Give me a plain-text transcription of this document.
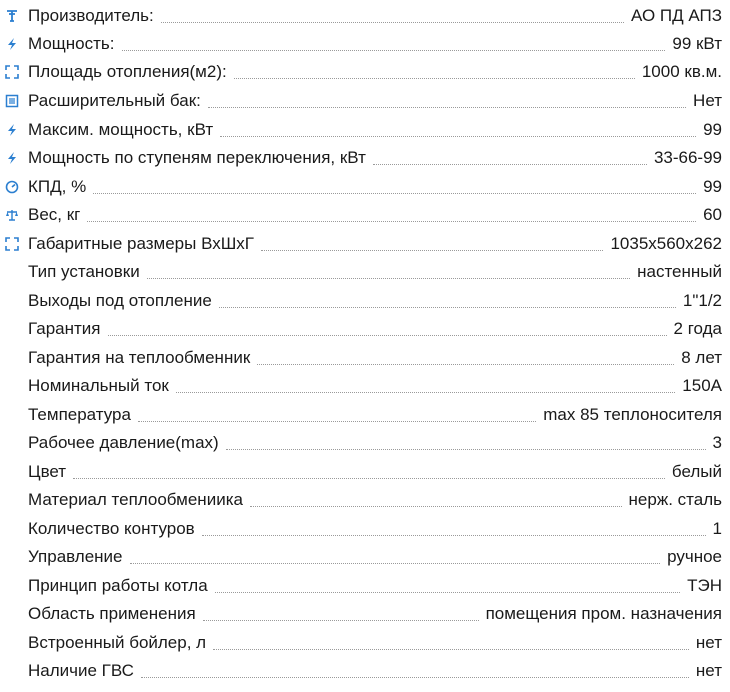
Производитель:	АО ПД АПЗ
Мощность:	99 кВт
Площадь отопления(м2):	1000 кв.м.
Расширительный бак:	Нет
Максим. мощность, кВт	99
Мощность по ступеням переключения, кВт	33-66-99
КПД, %	99
Вес, кг	60
Габаритные размеры ВхШхГ	1035x560x262
Тип установки	настенный
Выходы под отопление	1"1/2
Гарантия	2 года
Гарантия на теплообменник	8 лет
Номинальный ток	150А
Температура	max 85 теплоносителя
Рабочее давление(max)	3
Цвет	белый
Материал теплообмениика	нерж. сталь
Количество контуров	1
Управление	ручное
Принцип работы котла	ТЭН
Область применения	помещения пром. назначения
Встроенный бойлер, л	нет
Наличие ГВС	нет
